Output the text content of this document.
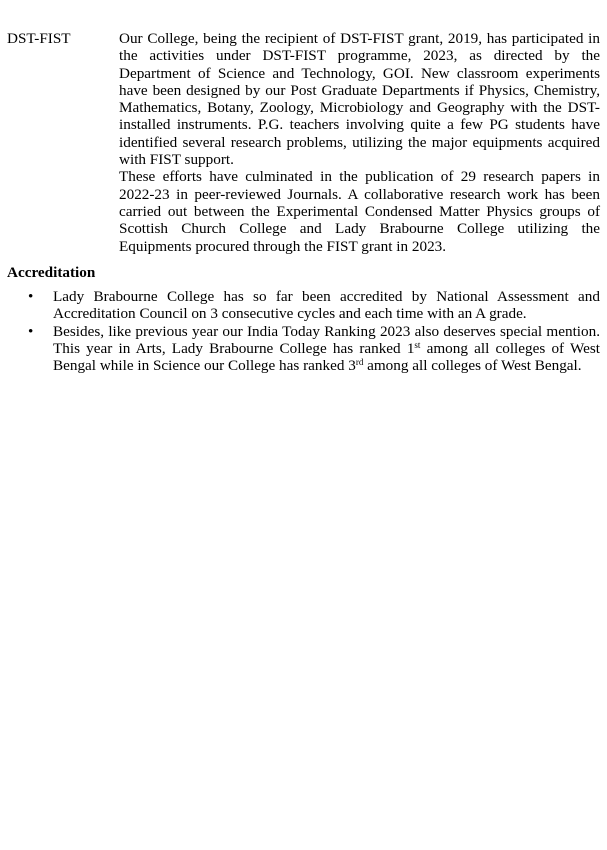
DST-FIST	Our College, being the recipient of DST-FIST grant, 2019, has participated in the activities under DST-FIST programme, 2023, as directed by the Department of Science and Technology, GOI. New classroom experiments have been designed by our Post Graduate Departments if Physics, Chemistry, Mathematics, Botany, Zoology, Microbiology and Geography with the DST-installed instruments. P.G. teachers involving quite a few PG students have identified several research problems, utilizing the major equipments acquired with FIST support.

These efforts have culminated in the publication of 29 research papers in 2022-23 in peer-reviewed Journals. A collaborative research work has been carried out between the Experimental Condensed Matter Physics groups of Scottish Church College and Lady Brabourne College utilizing the Equipments procured through the FIST grant in 2023.

Accreditation

• Lady Brabourne College has so far been accredited by National Assessment and Accreditation Council on 3 consecutive cycles and each time with an A grade.
• Besides, like previous year our India Today Ranking 2023 also deserves special mention. This year in Arts, Lady Brabourne College has ranked 1st among all colleges of West Bengal while in Science our College has ranked 3rd among all colleges of West Bengal.
